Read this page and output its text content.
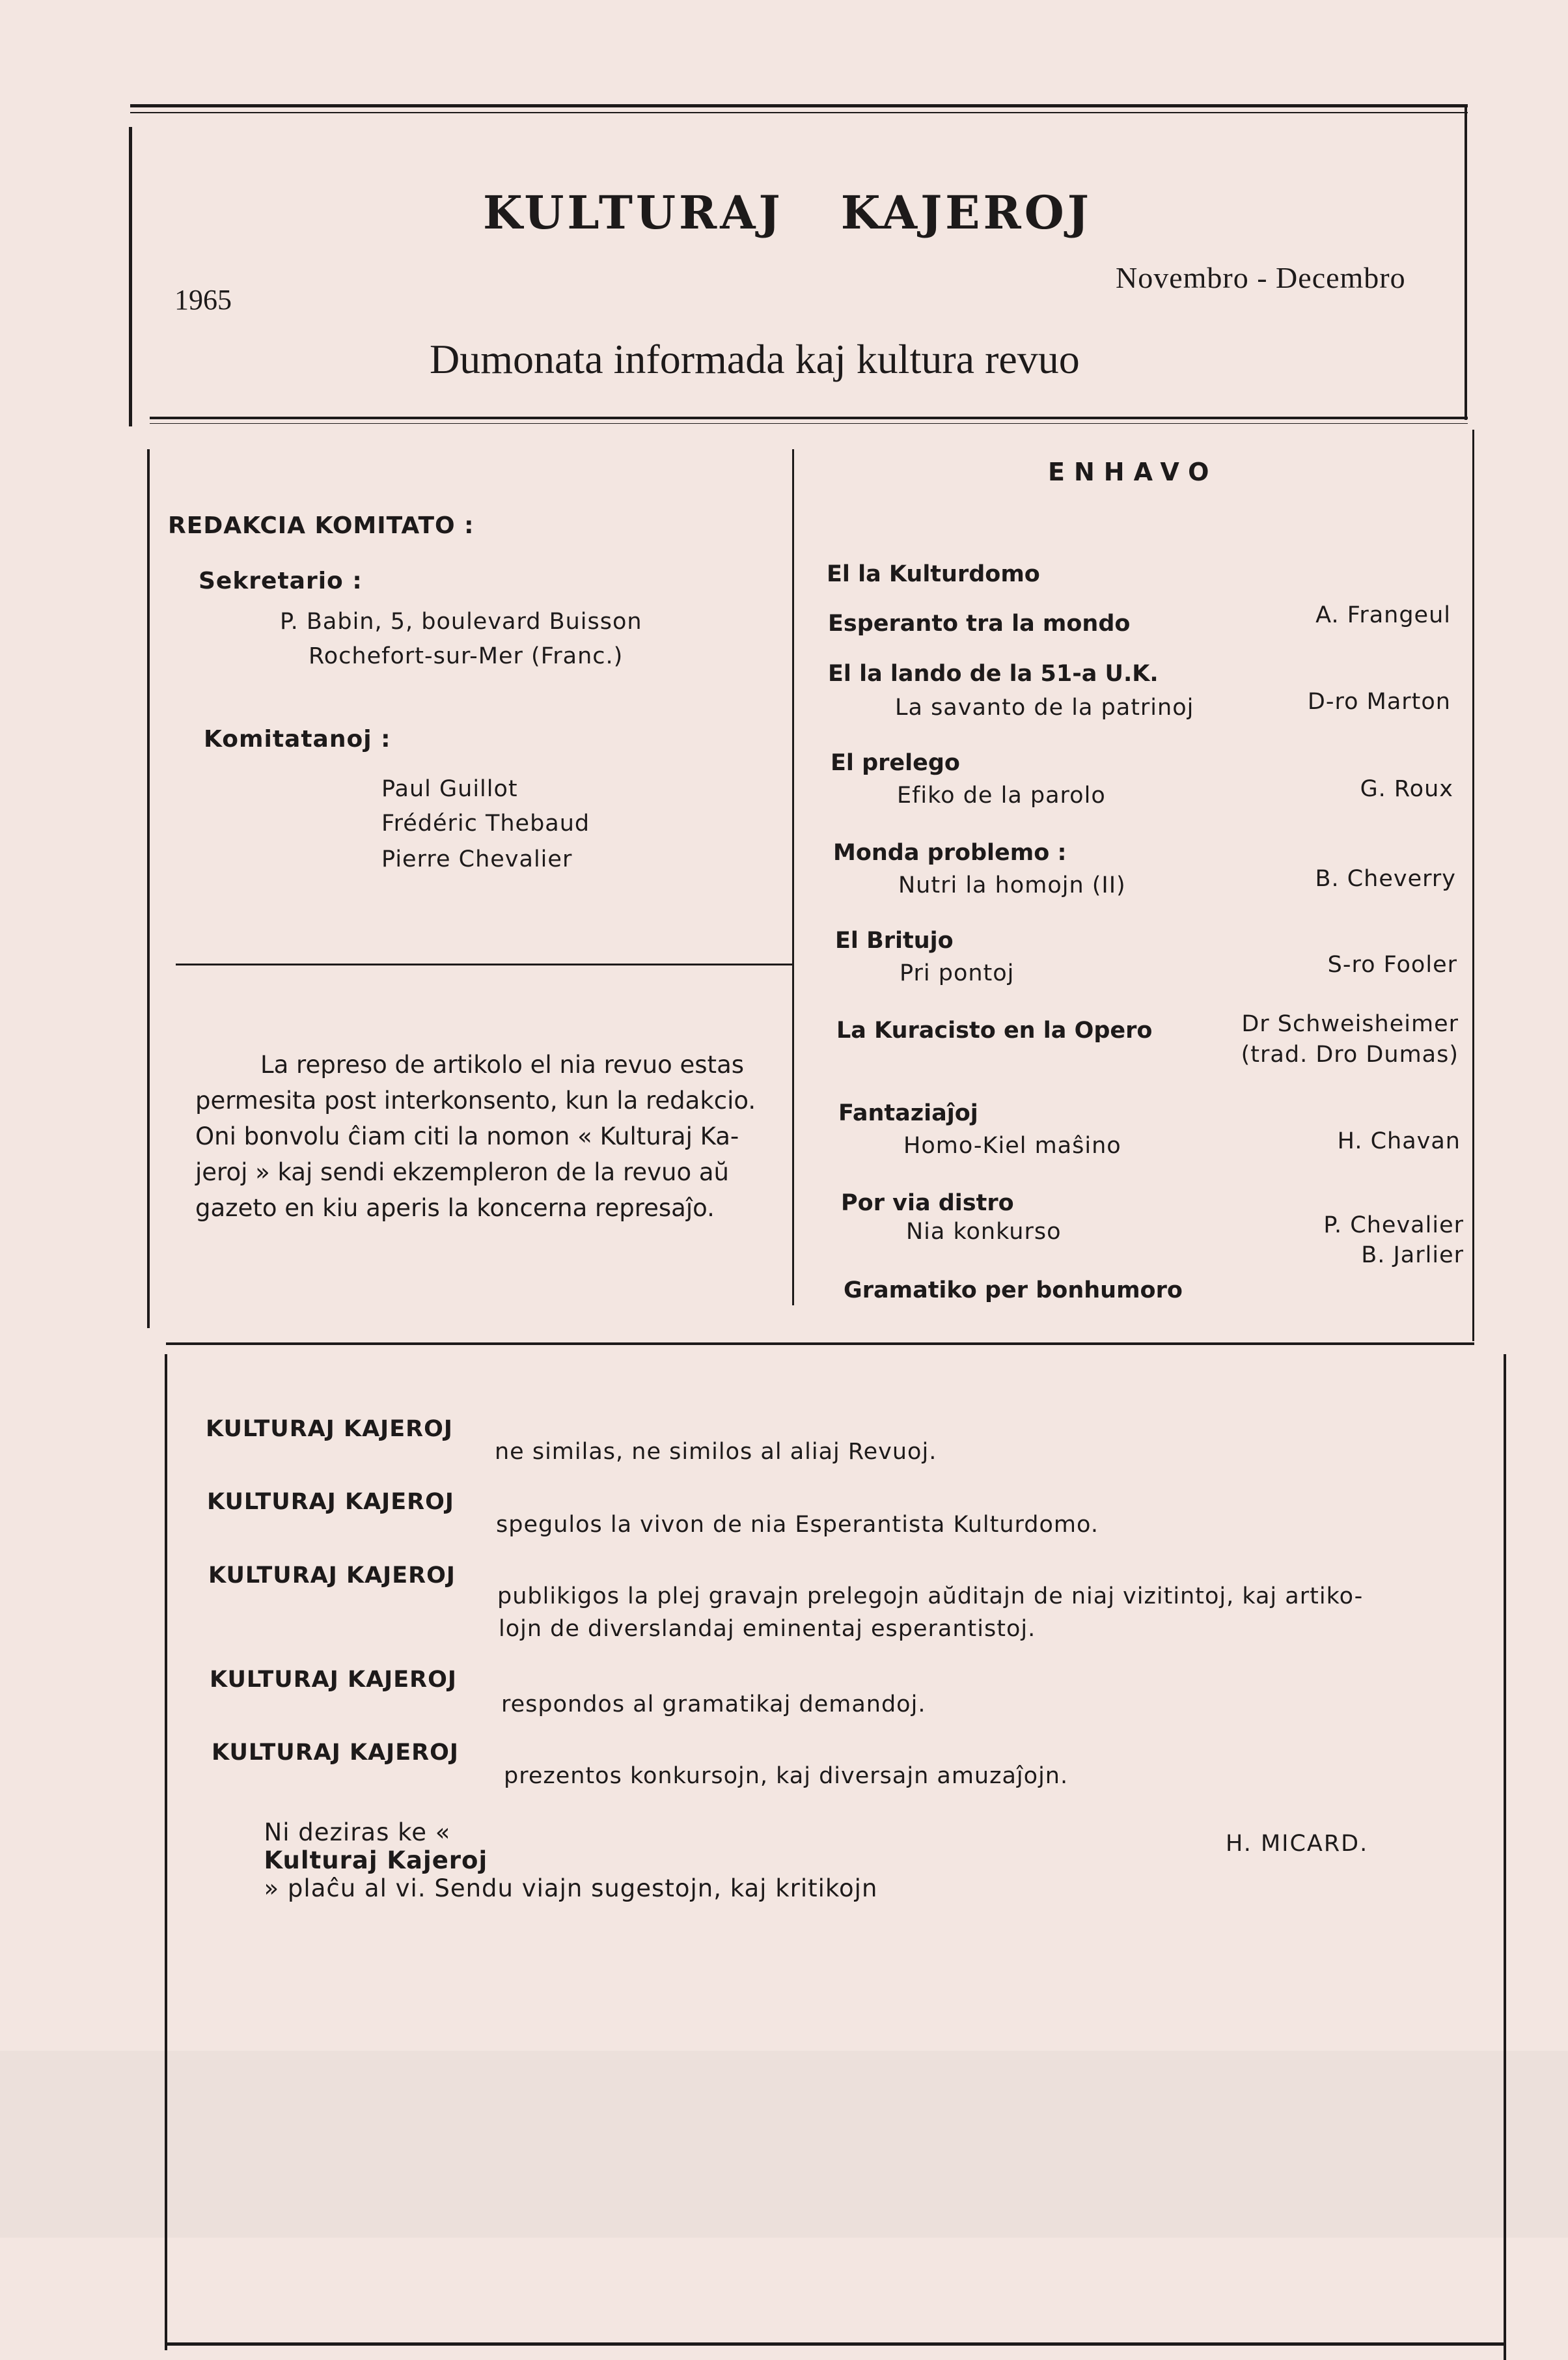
KULTURAJ   KAJEROJ
1965
Novembro - Decembro
Dumonata informada kaj kultura revuo
REDAKCIA KOMITATO :
Sekretario :
P. Babin, 5, boulevard Buisson
Rochefort-sur-Mer (Franc.)
Komitatanoj :
Paul Guillot
Frédéric Thebaud
Pierre Chevalier
La represo de artikolo el nia revuo estas
permesita post interkonsento, kun la redakcio.
Oni bonvolu ĉiam citi la nomon « Kulturaj Ka-
jeroj » kaj sendi ekzempleron de la revuo aŭ
gazeto en kiu aperis la koncerna represaĵo.
ENHAVO
El la Kulturdomo
Esperanto tra la mondo	A. Frangeul
El la lando de la 51-a U.K.
La savanto de la patrinoj	D-ro Marton
El prelego
Efiko de la parolo	G. Roux
Monda problemo :
Nutri la homojn (II)	B. Cheverry
El Britujo
Pri pontoj	S-ro Fooler
La Kuracisto en la Opero	Dr Schweisheimer
(trad. Dro Dumas)
Fantaziaĵoj
Homo-Kiel maŝino	H. Chavan
Por via distro
Nia konkurso	P. Chevalier
B. Jarlier
Gramatiko per bonhumoro
KULTURAJ KAJEROJ
ne similas, ne similos al aliaj Revuoj.
KULTURAJ KAJEROJ
spegulos la vivon de nia Esperantista Kulturdomo.
KULTURAJ KAJEROJ
publikigos la plej gravajn prelegojn aŭditajn de niaj vizitintoj, kaj artiko-
lojn de diverslandaj eminentaj esperantistoj.
KULTURAJ KAJEROJ
respondos al gramatikaj demandoj.
KULTURAJ KAJEROJ
prezentos konkursojn, kaj diversajn amuzaĵojn.

Ni deziras ke «
Kulturaj Kajeroj
» plaĉu al vi. Sendu viajn sugestojn, kaj kritikojn

H. MICARD.
